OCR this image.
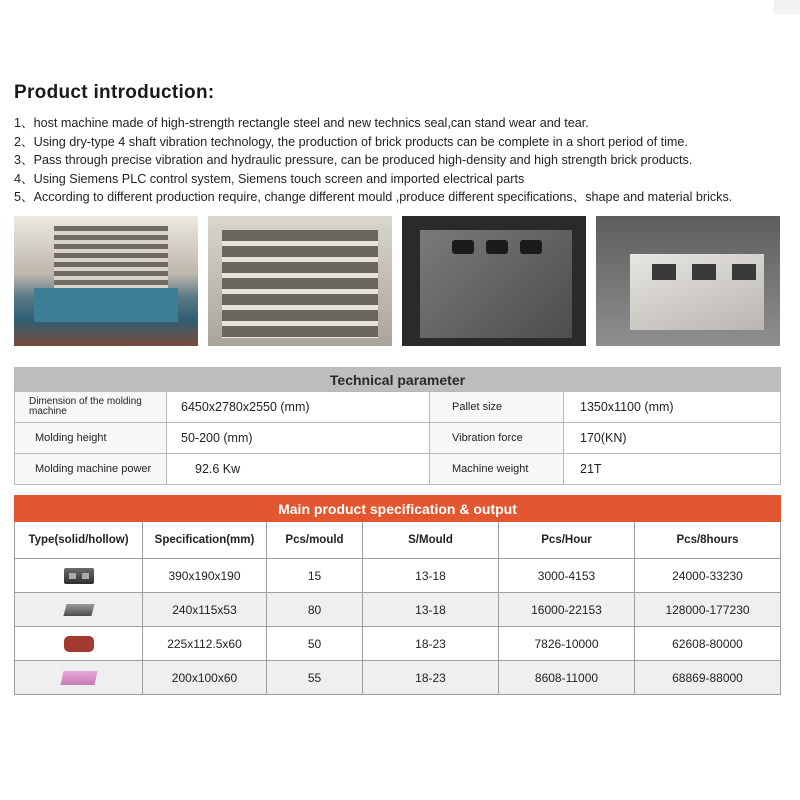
Product introduction:
1、host machine made of high-strength rectangle steel and new technics seal,can stand wear and tear.
2、Using dry-type 4 shaft vibration technology, the production of brick products can be complete in a short period of time.
3、Pass through precise vibration and hydraulic pressure, can be produced high-density and high strength brick products.
4、Using Siemens PLC control system, Siemens touch screen and imported electrical parts
5、According to different production require, change different mould ,produce different specifications、shape and material bricks.
Technical parameter			
Dimension of the molding machine	6450x2780x2550 (mm)	Pallet size	1350x1100 (mm)
Molding height	50-200 (mm)	Vibration force	170(KN)
Molding machine power	92.6 Kw	Machine weight	21T
Main product specification & output					
Type(solid/hollow)	Specification(mm)	Pcs/mould	S/Mould	Pcs/Hour	Pcs/8hours
	390x190x190	15	13-18	3000-4153	24000-33230
	240x115x53	80	13-18	16000-22153	128000-177230
	225x112.5x60	50	18-23	7826-10000	62608-80000
	200x100x60	55	18-23	8608-11000	68869-88000
